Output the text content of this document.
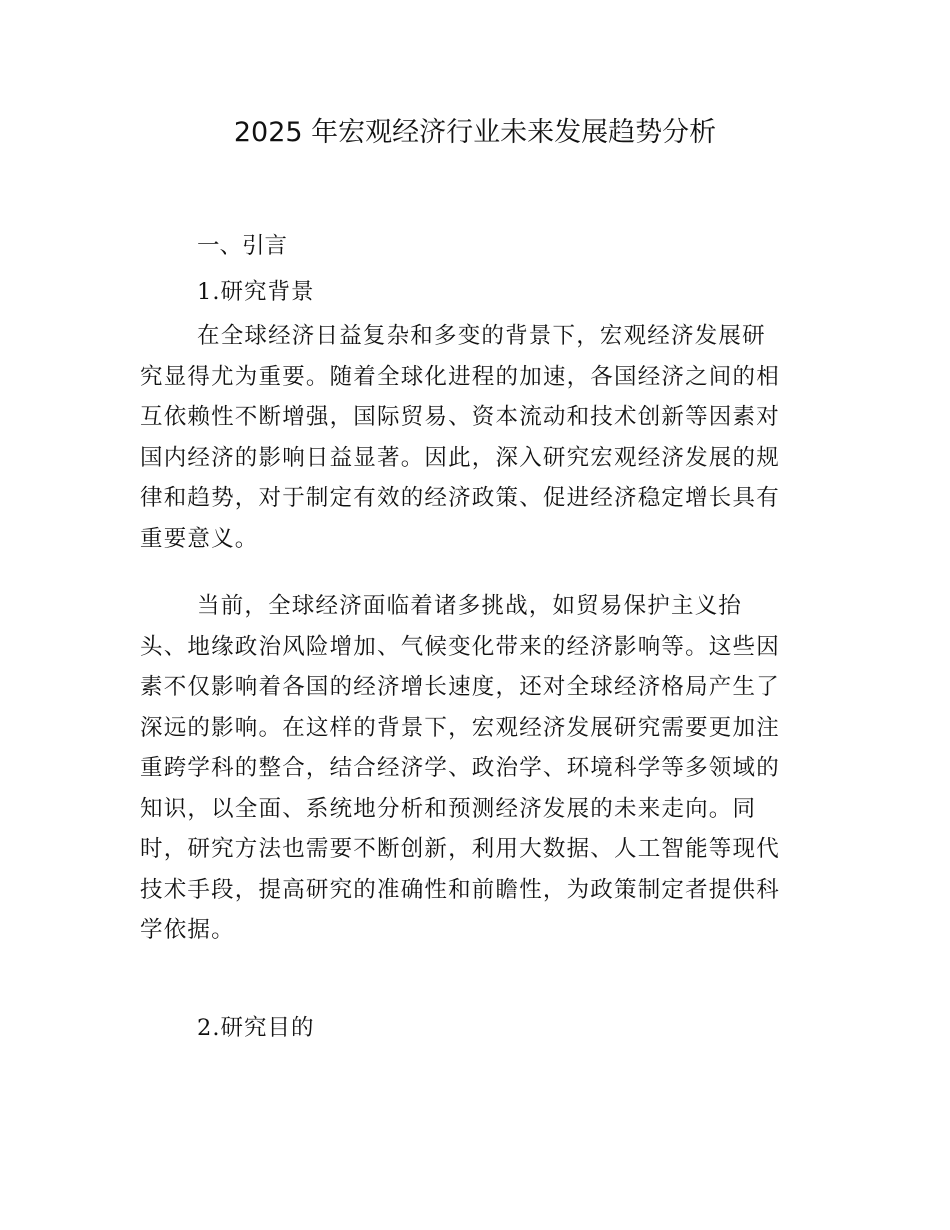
2025 年宏观经济行业未来发展趋势分析
一、引言
1.研究背景
在全球经济日益复杂和多变的背景下，宏观经济发展研
究显得尤为重要。随着全球化进程的加速，各国经济之间的相
互依赖性不断增强，国际贸易、资本流动和技术创新等因素对
国内经济的影响日益显著。因此，深入研究宏观经济发展的规
律和趋势，对于制定有效的经济政策、促进经济稳定增长具有
重要意义。
当前，全球经济面临着诸多挑战，如贸易保护主义抬
头、地缘政治风险增加、气候变化带来的经济影响等。这些因
素不仅影响着各国的经济增长速度，还对全球经济格局产生了
深远的影响。在这样的背景下，宏观经济发展研究需要更加注
重跨学科的整合，结合经济学、政治学、环境科学等多领域的
知识，以全面、系统地分析和预测经济发展的未来走向。同
时，研究方法也需要不断创新，利用大数据、人工智能等现代
技术手段，提高研究的准确性和前瞻性，为政策制定者提供科
学依据。
2.研究目的
